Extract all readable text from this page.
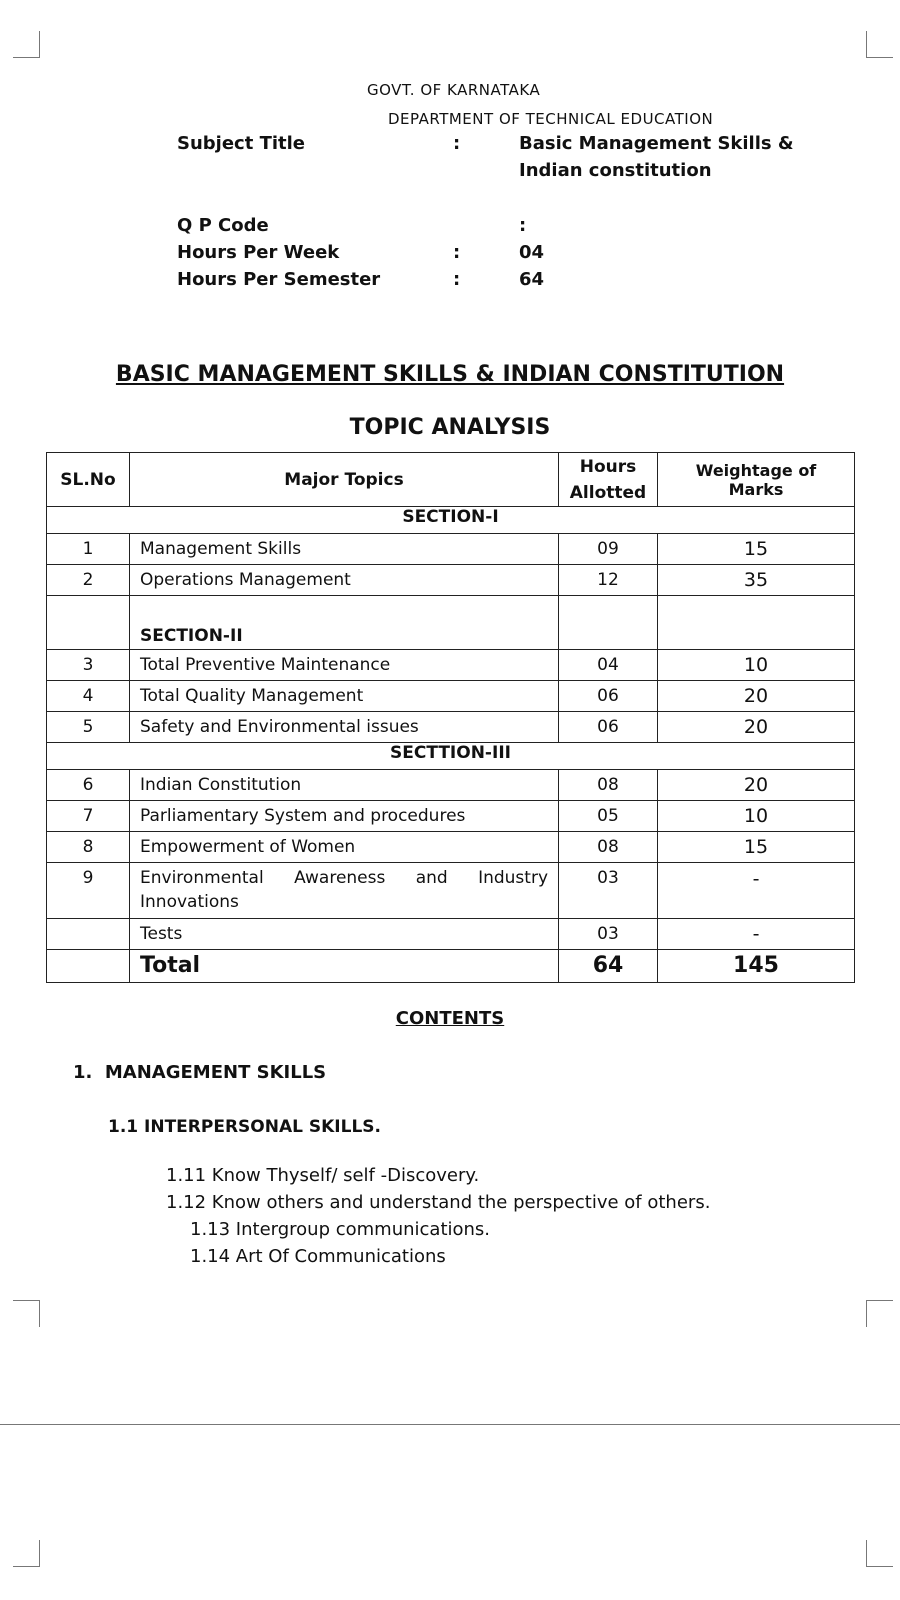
GOVT. OF KARNATAKA
DEPARTMENT OF TECHNICAL EDUCATION
Subject Title	:	Basic Management Skills &
Indian constitution
Q P Code	:
Hours Per Week	:	04
Hours Per Semester	:	64
BASIC MANAGEMENT SKILLS & INDIAN CONSTITUTION
TOPIC ANALYSIS
SL.No	Major Topics	Hours
Allotted	Weightage of Marks
SECTION-I			
1	Management Skills	09	15
2	Operations Management	12	35
	SECTION-II		
3	Total Preventive Maintenance	04	10
4	Total Quality Management	06	20
5	Safety and Environmental issues	06	20
SECTTION-III			
6	Indian Constitution	08	20
7	Parliamentary System and procedures	05	10
8	Empowerment of Women	08	15
9	Environmental Awareness and Industry
Innovations	03	-
	Tests	03	-
	Total	64	145
CONTENTS
1.  MANAGEMENT SKILLS
1.1 INTERPERSONAL SKILLS.
1.11 Know Thyself/ self -Discovery.
1.12 Know others and understand the perspective of others.
1.13 Intergroup communications.
1.14 Art Of Communications
